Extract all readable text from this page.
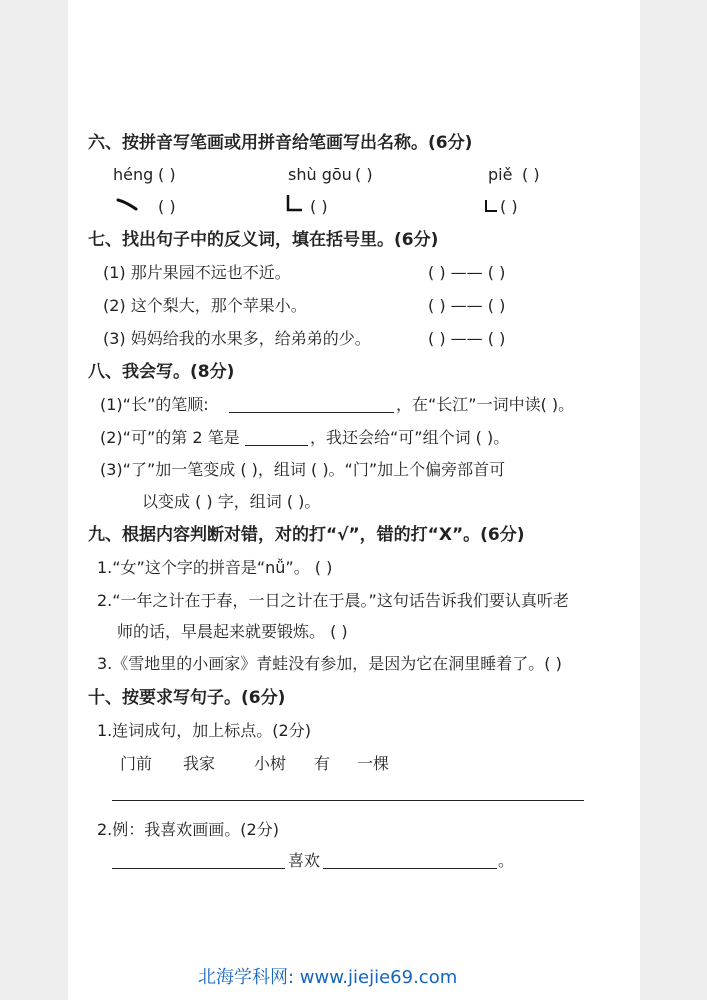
六、按拼音写笔画或用拼音给笔画写出名称。(6分)
héng ( )	shù gōu ( )	piě ( )
( )	( )	( )
七、找出句子中的反义词，填在括号里。(6分)
(1) 那片果园不远也不近。	( ) —— ( )
(2) 这个梨大，那个苹果小。	( ) —— ( )
(3) 妈妈给我的水果多，给弟弟的少。	( ) —— ( )
八、我会写。(8分)
(1)“长”的笔顺:	，在“长江”一词中读( )。
(2)“可”的第 2 笔是	，我还会给“可”组个词 ( )。
(3)“了”加一笔变成 ( )，组词 ( )。“门”加上个偏旁部首可
以变成 ( ) 字，组词 ( )。
九、根据内容判断对错，对的打“√”，错的打“X”。(6分)
1.“女”这个字的拼音是“nǚ”。 ( )
2.“一年之计在于春，一日之计在于晨。”这句话告诉我们要认真听老
师的话，早晨起来就要锻炼。 ( )
3.《雪地里的小画家》青蛙没有参加，是因为它在洞里睡着了。( )
十、按要求写句子。(6分)
1.连词成句，加上标点。(2分)
门前 我家 小树 有 一棵
2.例：我喜欢画画。(2分)
喜欢	。
北海学科网: www.jiejie69.com
